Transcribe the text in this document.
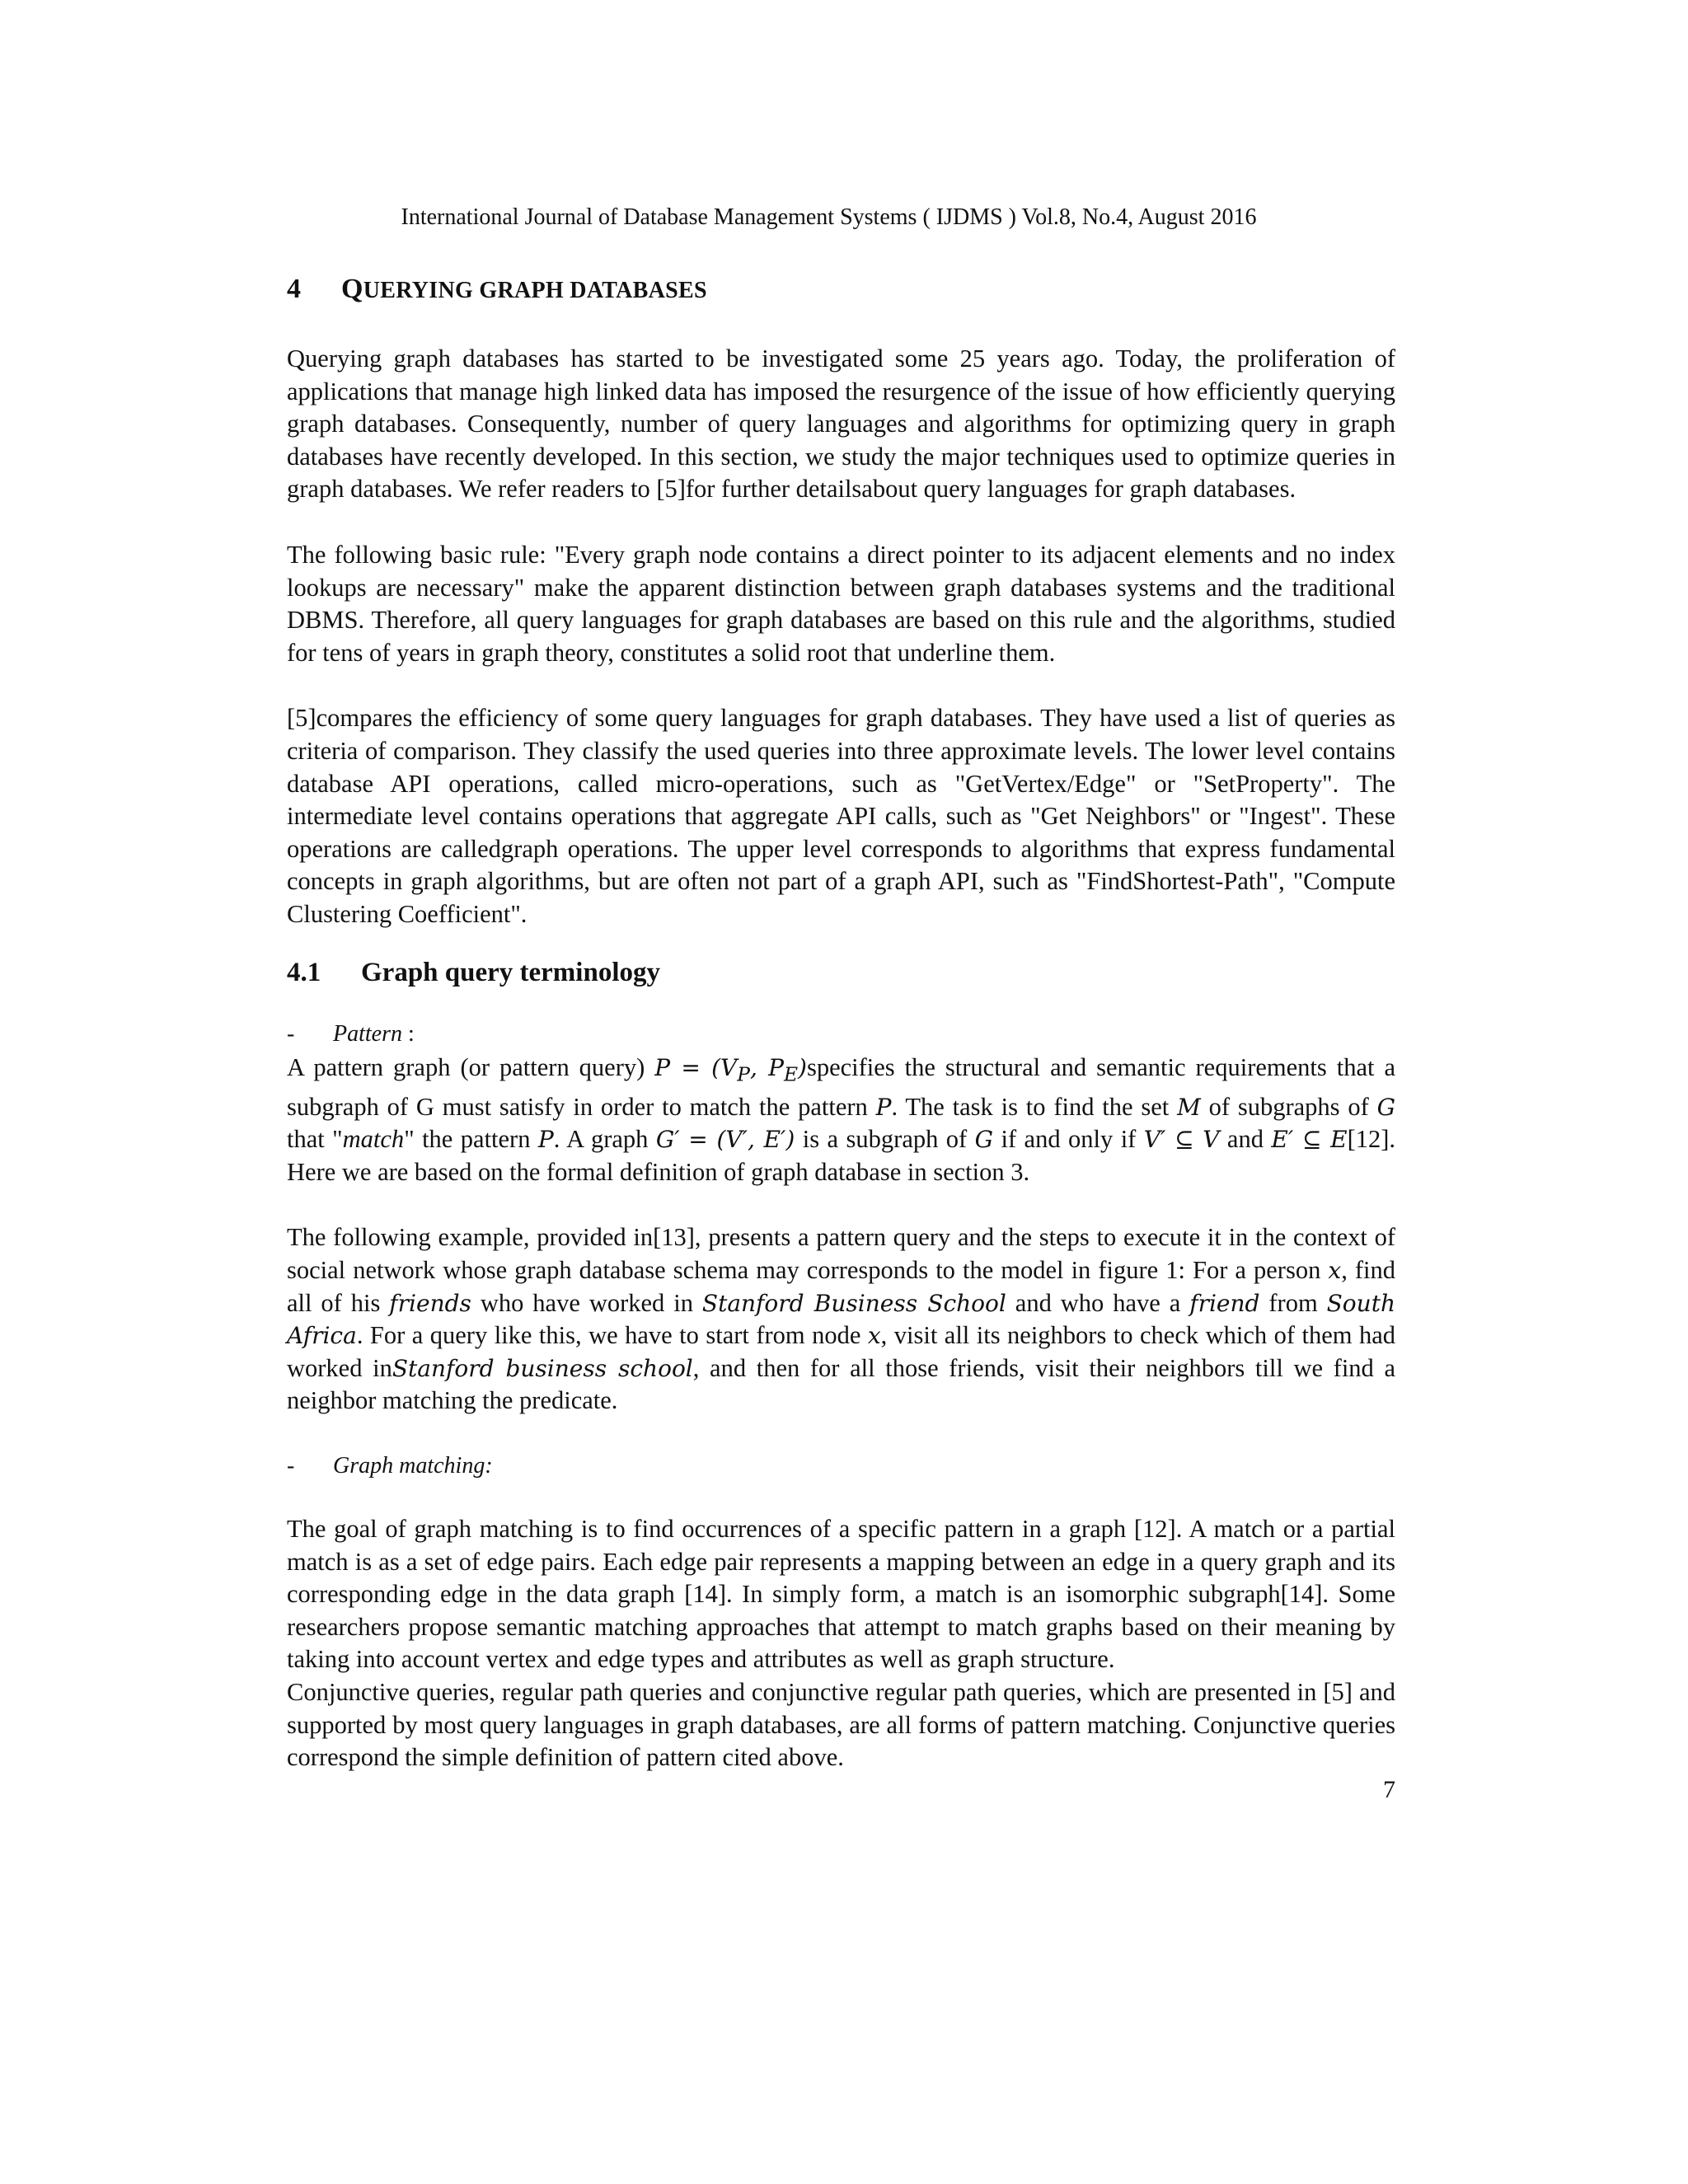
International Journal of Database Management Systems ( IJDMS ) Vol.8, No.4, August 2016
4	QUERYING GRAPH DATABASES

Querying graph databases has started to be investigated some 25 years ago. Today, the proliferation of applications that manage high linked data has imposed the resurgence of the issue of how efficiently querying graph databases. Consequently, number of query languages and algorithms for optimizing query in graph databases have recently developed. In this section, we study the major techniques used to optimize queries in graph databases. We refer readers to [5]for further detailsabout query languages for graph databases.

The following basic rule: "Every graph node contains a direct pointer to its adjacent elements and no index lookups are necessary" make the apparent distinction between graph databases systems and the traditional DBMS. Therefore, all query languages for graph databases are based on this rule and the algorithms, studied for tens of years in graph theory, constitutes a solid root that underline them.

[5]compares the efficiency of some query languages for graph databases. They have used a list of queries as criteria of comparison. They classify the used queries into three approximate levels. The lower level contains database API operations, called micro-operations, such as "GetVertex/Edge" or "SetProperty". The intermediate level contains operations that aggregate API calls, such as "Get Neighbors" or "Ingest". These operations are calledgraph operations. The upper level corresponds to algorithms that express fundamental concepts in graph algorithms, but are often not part of a graph API, such as "FindShortest-Path", "Compute Clustering Coefficient".

4.1	Graph query terminology
-	Pattern :

A pattern graph (or pattern query) $P = (V_P$, $P_E)specifies$ the structural and semantic requirements that a subgraph of G must satisfy in order to match the pattern P. The task is to find the set M of subgraphs of G that "match" the pattern P. A graph G′ = (V′, E′) is a subgraph of G if and only if V′ ⊆ V and E′ ⊆ E[12]. Here we are based on the formal definition of graph database in section 3.

The following example, provided in[13], presents a pattern query and the steps to execute it in the context of social network whose graph database schema may corresponds to the model in figure 1: For a person x, find all of his friends who have worked in Stanford Business School and who have a friend from South Africa. For a query like this, we have to start from node x, visit all its neighbors to check which of them had worked inStanford business school, and then for all those friends, visit their neighbors till we find a neighbor matching the predicate.

-	Graph matching:

The goal of graph matching is to find occurrences of a specific pattern in a graph [12]. A match or a partial match is as a set of edge pairs. Each edge pair represents a mapping between an edge in a query graph and its corresponding edge in the data graph [14]. In simply form, a match is an isomorphic subgraph[14]. Some researchers propose semantic matching approaches that attempt to match graphs based on their meaning by taking into account vertex and edge types and attributes as well as graph structure.

Conjunctive queries, regular path queries and conjunctive regular path queries, which are presented in [5] and supported by most query languages in graph databases, are all forms of pattern matching. Conjunctive queries correspond the simple definition of pattern cited above.

7
